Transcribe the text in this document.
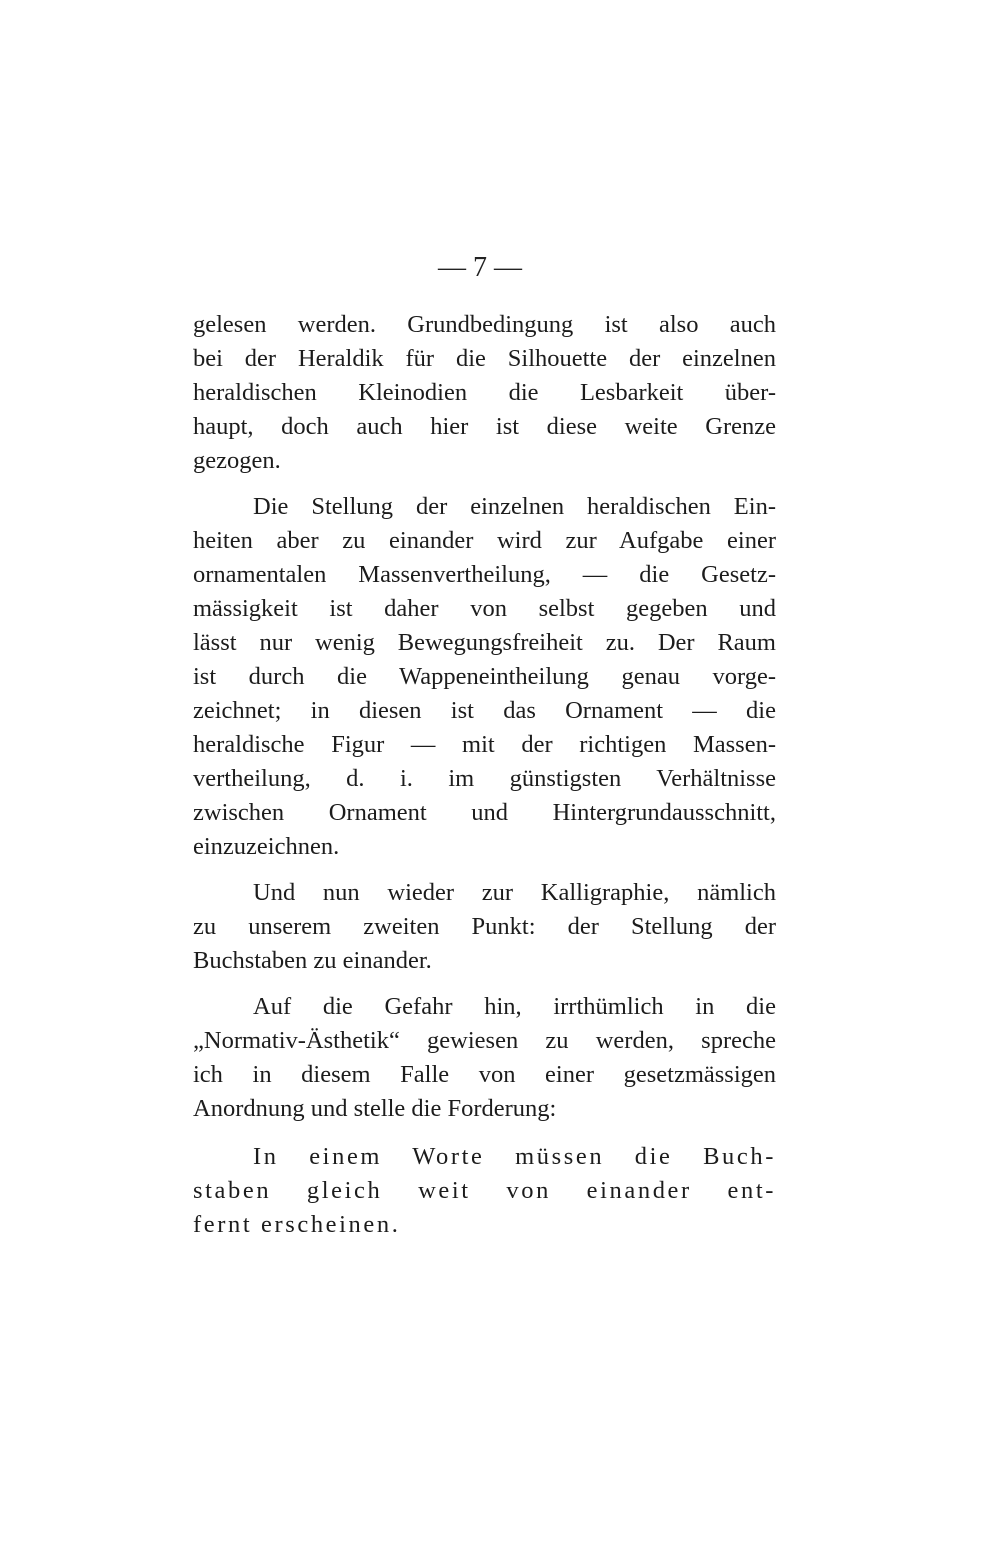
— 7 —

gelesen werden. Grundbedingung ist also auch
bei der Heraldik für die Silhouette der einzelnen
heraldischen Kleinodien die Lesbarkeit über-
haupt, doch auch hier ist diese weite Grenze
gezogen.

Die Stellung der einzelnen heraldischen Ein-
heiten aber zu einander wird zur Aufgabe einer
ornamentalen Massenvertheilung, — die Gesetz-
mässigkeit ist daher von selbst gegeben und
lässt nur wenig Bewegungsfreiheit zu. Der Raum
ist durch die Wappeneintheilung genau vorge-
zeichnet; in diesen ist das Ornament — die
heraldische Figur — mit der richtigen Massen-
vertheilung, d. i. im günstigsten Verhältnisse
zwischen Ornament und Hintergrundausschnitt,
einzuzeichnen.

Und nun wieder zur Kalligraphie, nämlich
zu unserem zweiten Punkt: der Stellung der
Buchstaben zu einander.

Auf die Gefahr hin, irrthümlich in die
„Normativ-Ästhetik“ gewiesen zu werden, spreche
ich in diesem Falle von einer gesetzmässigen
Anordnung und stelle die Forderung:

In einem Worte müssen die Buch-
staben gleich weit von einander ent-
fernt erscheinen.
